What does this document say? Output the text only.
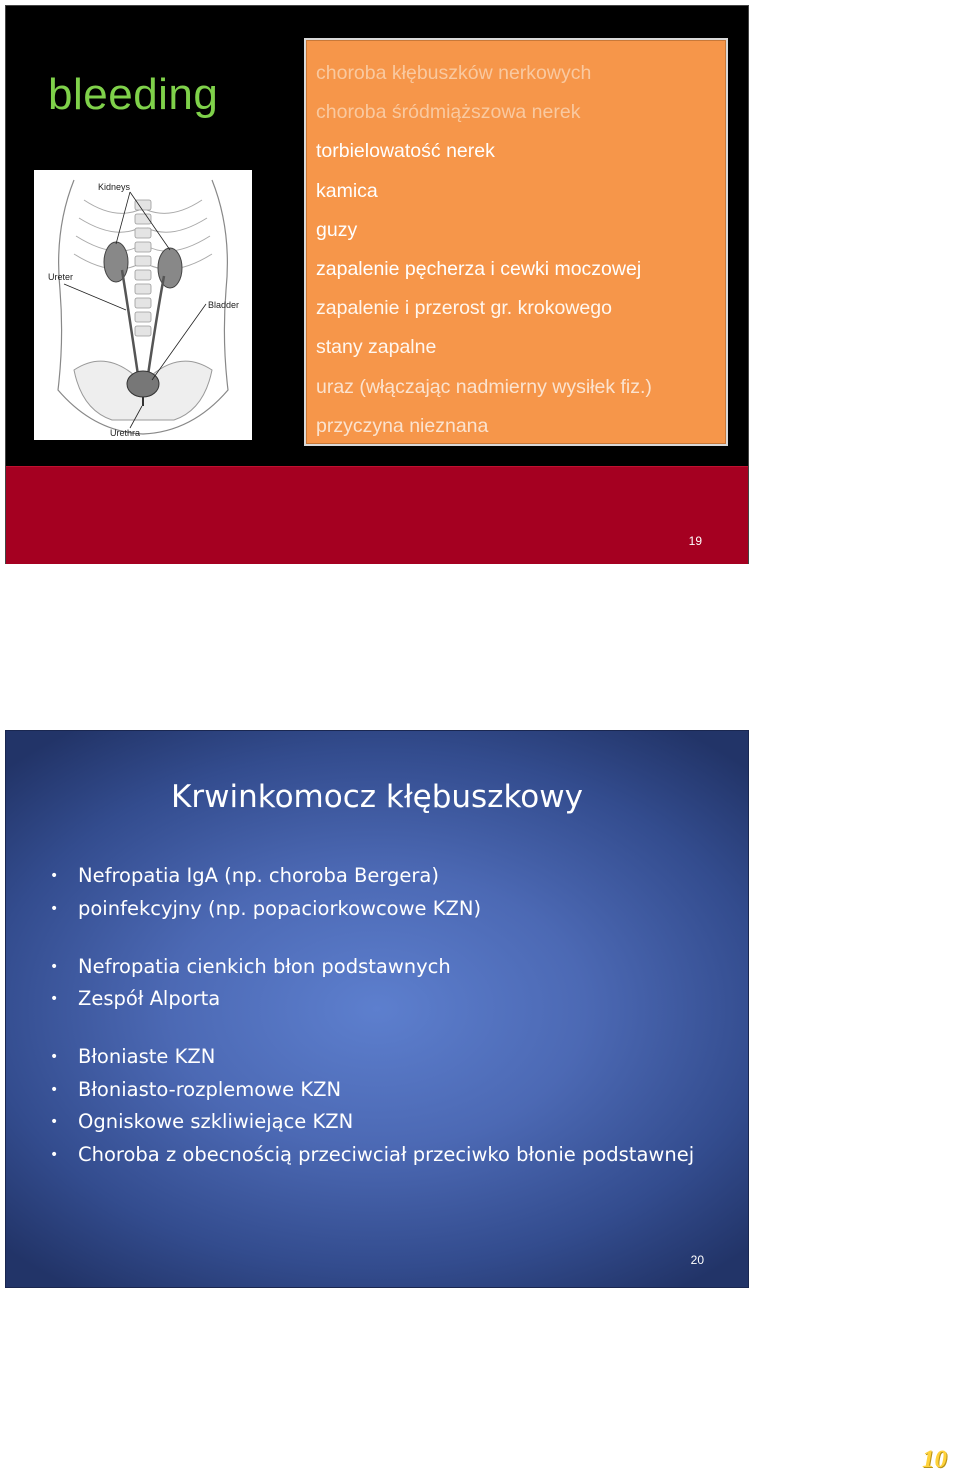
bleeding
Kidneys
Ureter
Bladder
Urethra
choroba kłębuszków nerkowych
choroba śródmiąższowa nerek
torbielowatość nerek
kamica
guzy
zapalenie pęcherza i cewki moczowej
zapalenie i przerost gr. krokowego
stany zapalne
uraz (włączając nadmierny wysiłek fiz.)
przyczyna nieznana
19
Krwinkomocz kłębuszkowy
• Nefropatia IgA (np. choroba Bergera)
• poinfekcyjny (np. popaciorkowcowe KZN)
• Nefropatia cienkich błon podstawnych
• Zespół Alporta
• Błoniaste KZN
• Błoniasto-rozplemowe KZN
• Ogniskowe szkliwiejące KZN
• Choroba z obecnością przeciwciał przeciwko błonie podstawnej
20
10
